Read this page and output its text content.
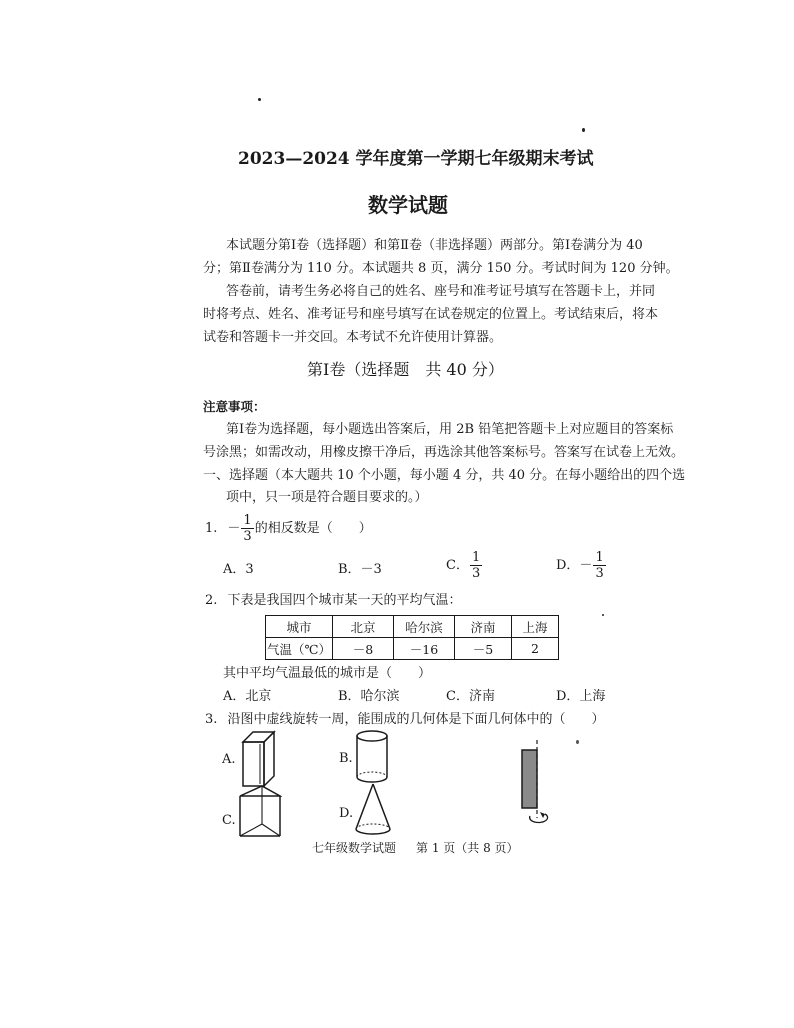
2023—2024 学年度第一学期七年级期末考试
数学试题
本试题分第Ⅰ卷（选择题）和第Ⅱ卷（非选择题）两部分。第Ⅰ卷满分为 40
分；第Ⅱ卷满分为 110 分。本试题共 8 页，满分 150 分。考试时间为 120 分钟。
答卷前，请考生务必将自己的姓名、座号和准考证号填写在答题卡上，并同
时将考点、姓名、准考证号和座号填写在试卷规定的位置上。考试结束后，将本
试卷和答题卡一并交回。本考试不允许使用计算器。
第Ⅰ卷（选择题　共 40 分）
注意事项：
第Ⅰ卷为选择题，每小题选出答案后，用 2B 铅笔把答题卡上对应题目的答案标
号涂黑；如需改动，用橡皮擦干净后，再选涂其他答案标号。答案写在试卷上无效。
一、选择题（本大题共 10 个小题，每小题 4 分，共 40 分。在每小题给出的四个选
项中，只一项是符合题目要求的。）
1. － $\frac{1}{3}$ 的相反数是（　　）
A．3	B．－3	C． $\frac{1}{3}$	D．－ $\frac{1}{3}$
2. 下表是我国四个城市某一天的平均气温：
城市	北京	哈尔滨	济南	上海
气温（℃）	－8	－16	－5	2
其中平均气温最低的城市是（　　）
A．北京	B．哈尔滨	C．济南	D．上海
3. 沿图中虚线旋转一周，能围成的几何体是下面几何体中的（　　）
A.	B.
C.	D.
七年级数学试题 第 1 页（共 8 页）
